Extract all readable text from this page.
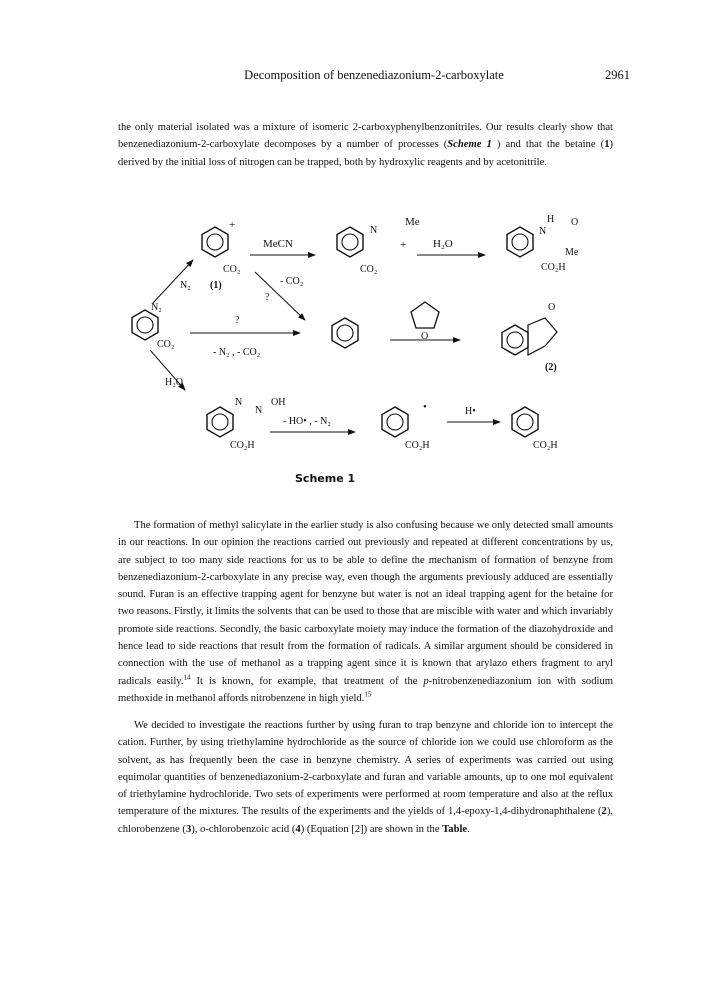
Decomposition of benzenediazonium-2-carboxylate	2961

the only material isolated was a mixture of isomeric 2-carboxyphenylbenzonitriles. Our results clearly show that benzenediazonium-2-carboxylate decomposes by a number of processes (Scheme 1 ) and that the betaine (1) derived by the initial loss of nitrogen can be trapped, both by hydroxylic reagents and by acetonitrile.

+
CO₂
(1)
N₂
CO₂
N₂
MeCN
N
Me
CO₂
+ H₂O
H
N
O
Me
CO₂H
- CO₂
?
?
- N₂ , - CO₂
O
O
(2)
H₂O
N
N
OH
CO₂H
- HO• , - N₂
•
CO₂H
H•
CO₂H
Scheme 1

The formation of methyl salicylate in the earlier study is also confusing because we only detected small amounts in our reactions. In our opinion the reactions carried out previously and repeated at different concentrations by us, are subject to too many side reactions for us to be able to define the mechanism of formation of benzyne from benzenediazonium-2-carboxylate in any precise way, even though the arguments previously adduced are essentially sound. Furan is an effective trapping agent for benzyne but water is not an ideal trapping agent for the betaine for two reasons. Firstly, it limits the solvents that can be used to those that are miscible with water and which invariably promote side reactions. Secondly, the basic carboxylate moiety may induce the formation of the diazohydroxide and hence lead to side reactions that result from the formation of radicals. A similar argument should be considered in connection with the use of methanol as a trapping agent since it is known that arylazo ethers fragment to aryl radicals easily.$^{14}$ It is known, for example, that treatment of the p-nitrobenzenediazonium ion with sodium methoxide in methanol affords nitrobenzene in high yield.$^{15}$

We decided to investigate the reactions further by using furan to trap benzyne and chloride ion to intercept the cation. Further, by using triethylamine hydrochloride as the source of chloride ion we could use chloroform as the solvent, as has frequently been the case in benzyne chemistry. A series of experiments was carried out using equimolar quantities of benzenediazonium-2-carboxylate and furan and variable amounts, up to one mol equivalent of triethylamine hydrochloride. Two sets of experiments were performed at room temperature and also at the reflux temperature of the mixtures. The results of the experiments and the yields of 1,4-epoxy-1,4-dihydronaphthalene (2), chlorobenzene (3), o-chlorobenzoic acid (4) (Equation [2]) are shown in the Table.
